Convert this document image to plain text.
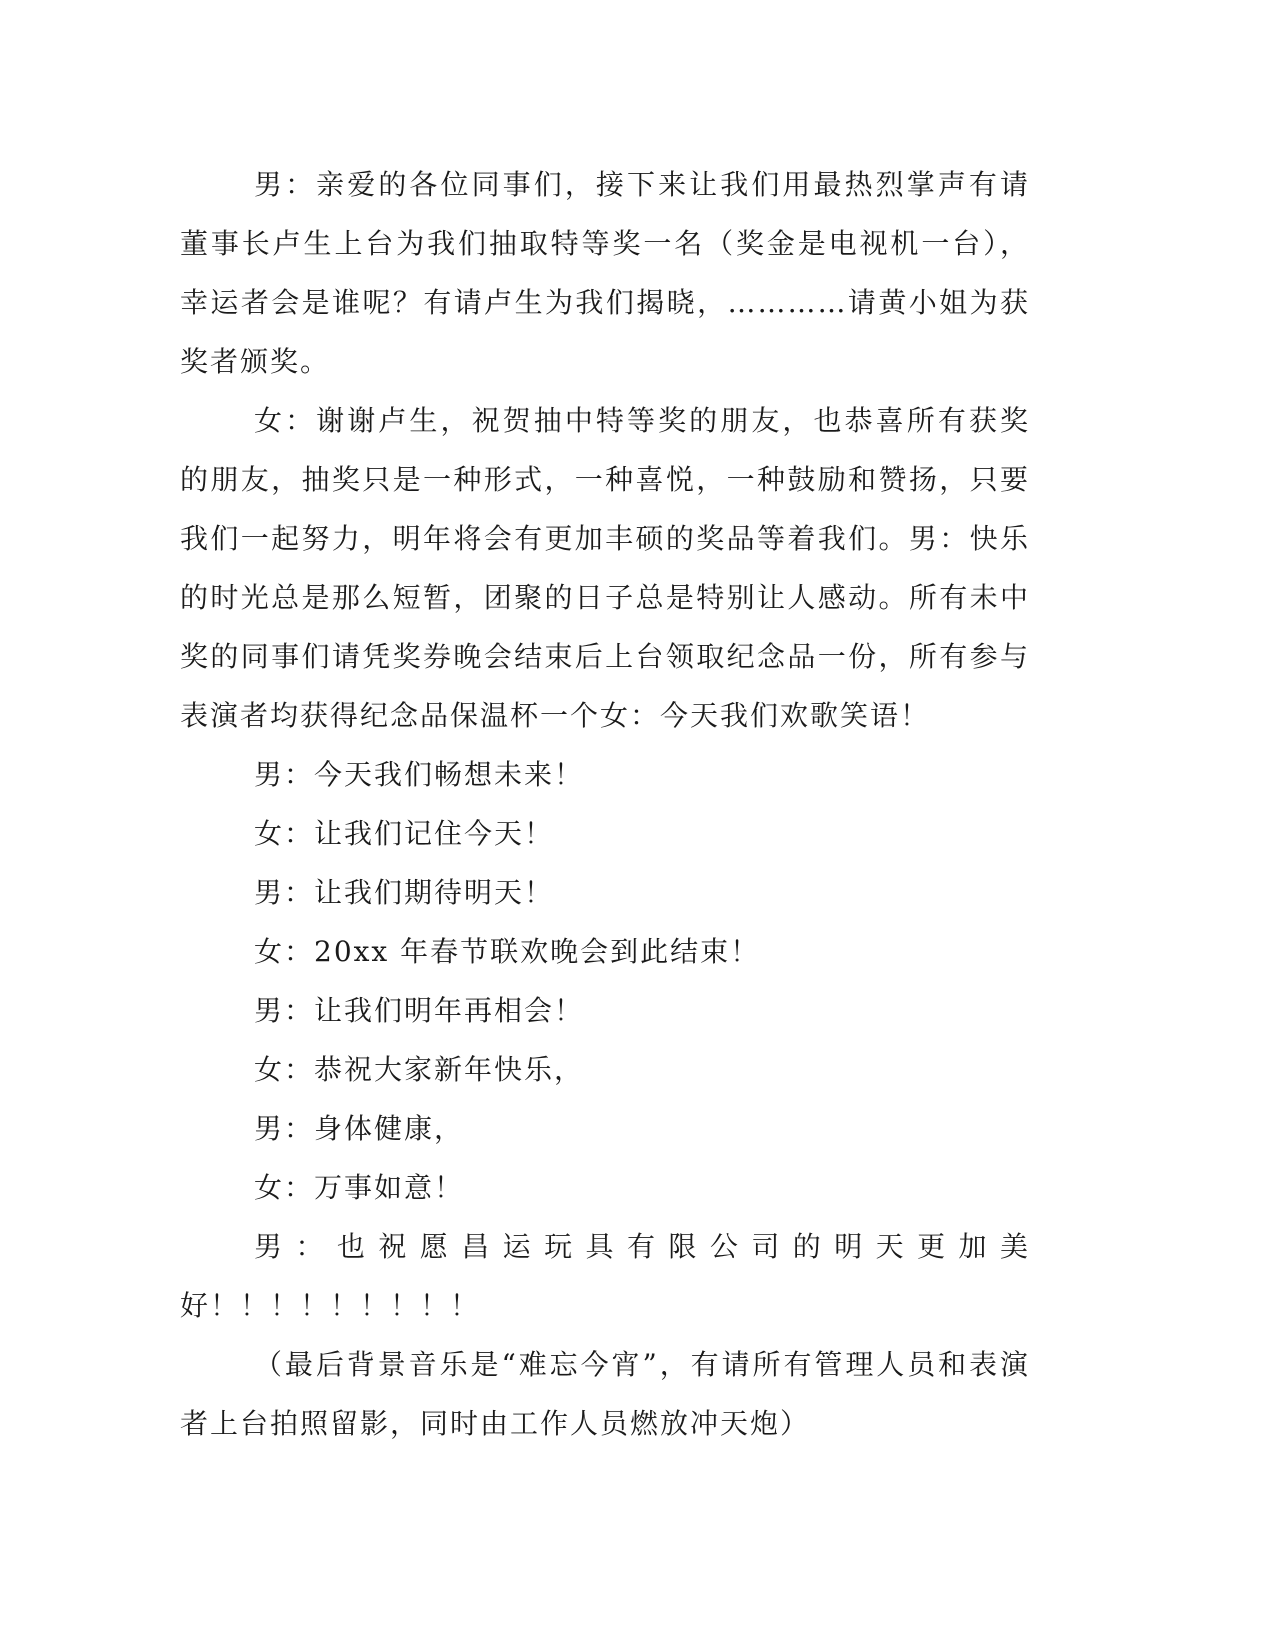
男：亲爱的各位同事们，接下来让我们用最热烈掌声有请董事长卢生上台为我们抽取特等奖一名（奖金是电视机一台），幸运者会是谁呢？有请卢生为我们揭晓，…………请黄小姐为获奖者颁奖。

女：谢谢卢生，祝贺抽中特等奖的朋友，也恭喜所有获奖的朋友，抽奖只是一种形式，一种喜悦，一种鼓励和赞扬，只要我们一起努力，明年将会有更加丰硕的奖品等着我们。男：快乐的时光总是那么短暂，团聚的日子总是特别让人感动。所有未中奖的同事们请凭奖券晚会结束后上台领取纪念品一份，所有参与表演者均获得纪念品保温杯一个女：今天我们欢歌笑语！

男：今天我们畅想未来！

女：让我们记住今天！

男：让我们期待明天！

女：20xx 年春节联欢晚会到此结束！

男：让我们明年再相会！

女：恭祝大家新年快乐，

男：身体健康，

女：万事如意！

男：也祝愿昌运玩具有限公司的明天更加美好！！！！！！！！！

（最后背景音乐是“难忘今宵”，有请所有管理人员和表演者上台拍照留影，同时由工作人员燃放冲天炮）
